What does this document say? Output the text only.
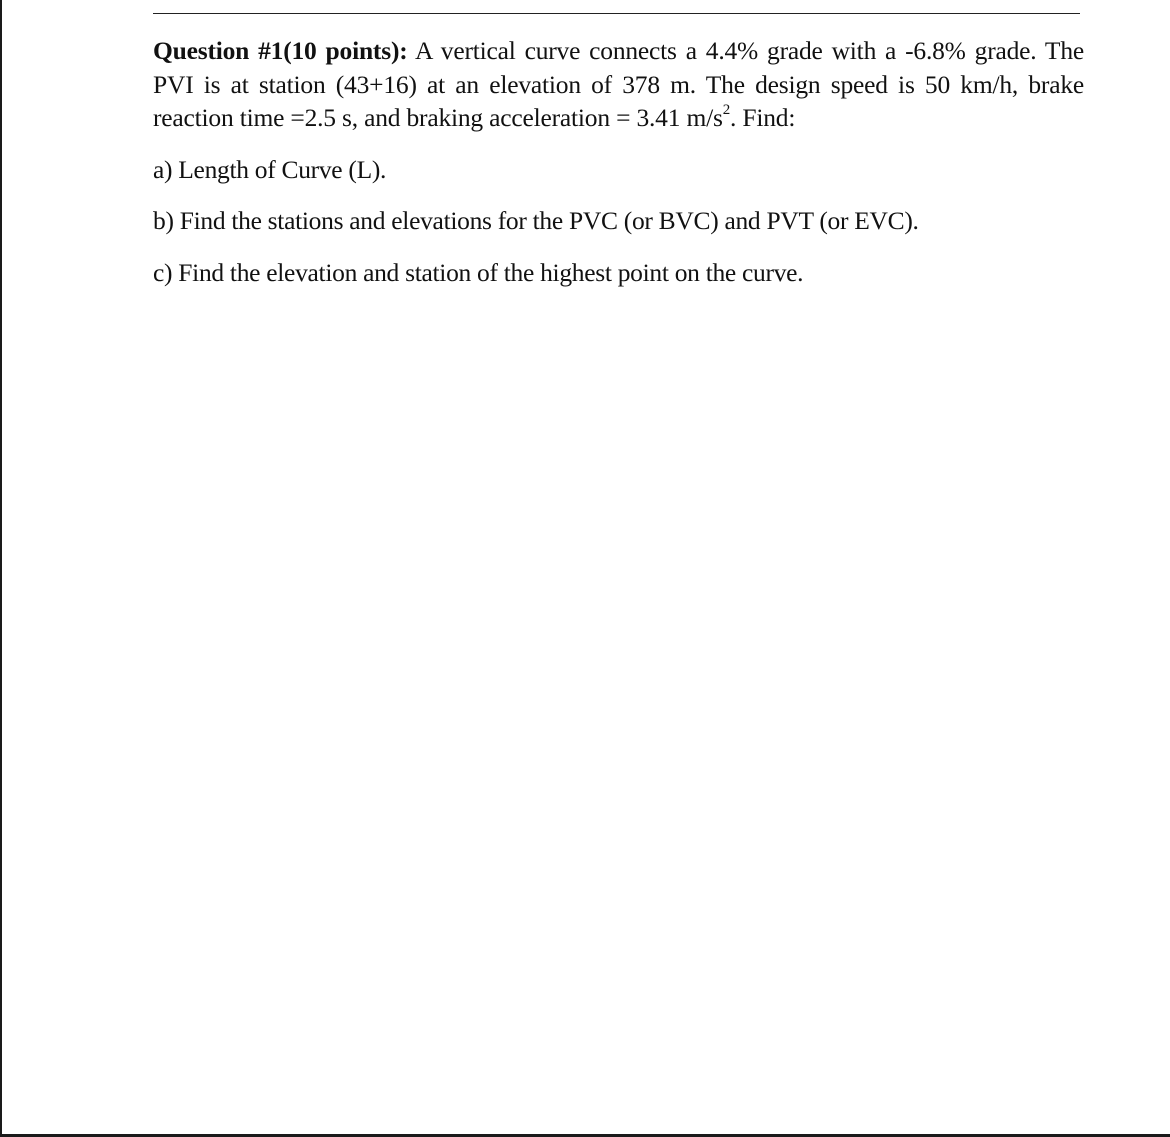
Question #1(10 points): A vertical curve connects a 4.4% grade with a -6.8% grade. The PVI is at station (43+16) at an elevation of 378 m. The design speed is 50 km/h, brake reaction time =2.5 s, and braking acceleration = 3.41 $m/s^2$. Find:

a) Length of Curve (L).

b) Find the stations and elevations for the PVC (or BVC) and PVT (or EVC).

c) Find the elevation and station of the highest point on the curve.
